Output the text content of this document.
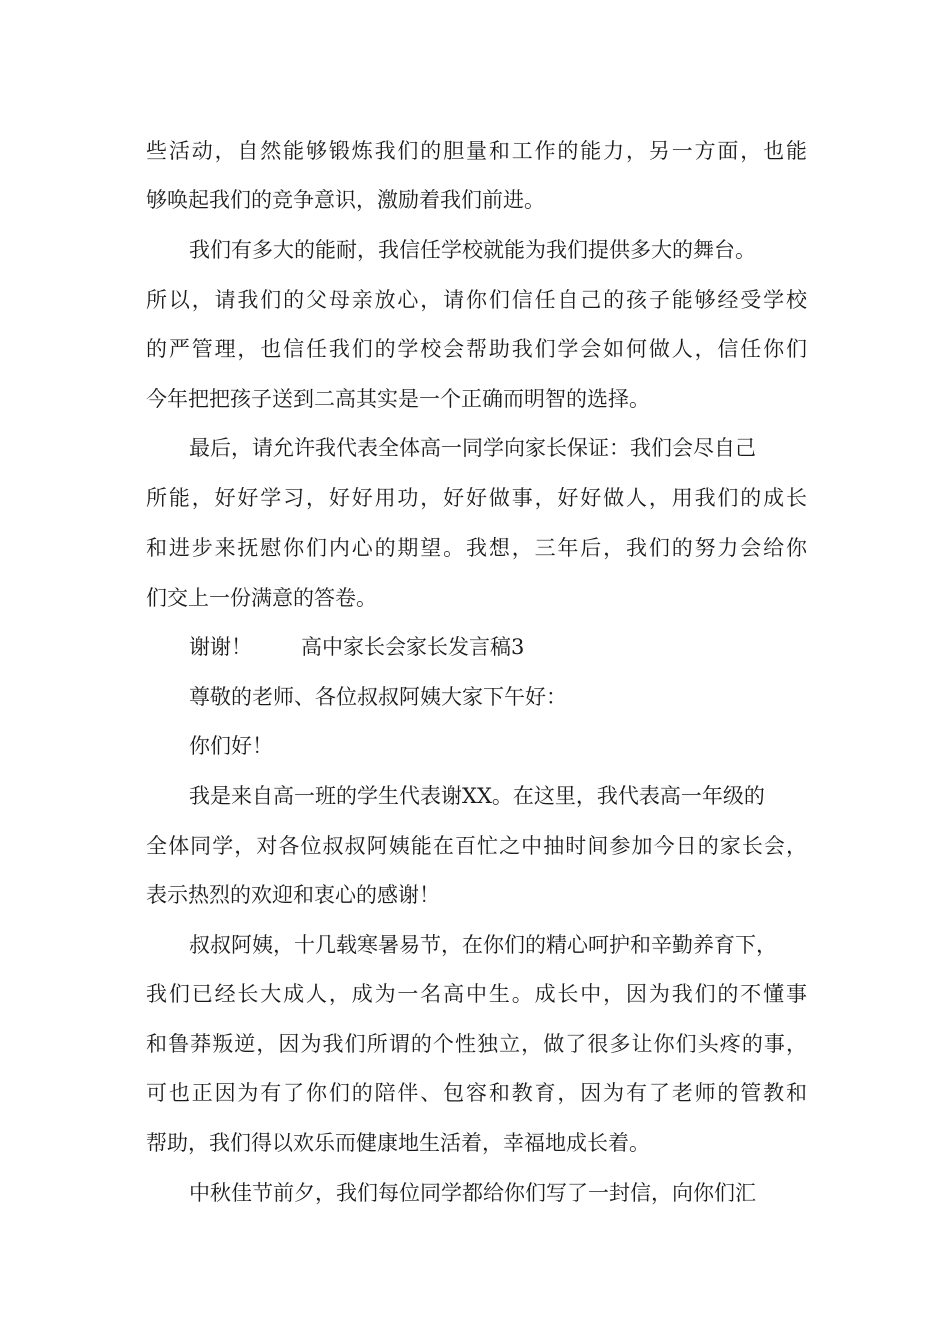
些活动，自然能够锻炼我们的胆量和工作的能力，另一方面，也能
够唤起我们的竞争意识，激励着我们前进。
我们有多大的能耐，我信任学校就能为我们提供多大的舞台。
所以，请我们的父母亲放心，请你们信任自己的孩子能够经受学校
的严管理，也信任我们的学校会帮助我们学会如何做人，信任你们
今年把把孩子送到二高其实是一个正确而明智的选择。
最后，请允许我代表全体高一同学向家长保证：我们会尽自己
所能，好好学习，好好用功，好好做事，好好做人，用我们的成长
和进步来抚慰你们内心的期望。我想，三年后，我们的努力会给你
们交上一份满意的答卷。
谢谢！ 高中家长会家长发言稿3
尊敬的老师、各位叔叔阿姨大家下午好：
你们好！
我是来自高一班的学生代表谢XX。在这里，我代表高一年级的
全体同学，对各位叔叔阿姨能在百忙之中抽时间参加今日的家长会，
表示热烈的欢迎和衷心的感谢！
叔叔阿姨，十几载寒暑易节，在你们的精心呵护和辛勤养育下，
我们已经长大成人，成为一名高中生。成长中，因为我们的不懂事
和鲁莽叛逆，因为我们所谓的个性独立，做了很多让你们头疼的事，
可也正因为有了你们的陪伴、包容和教育，因为有了老师的管教和
帮助，我们得以欢乐而健康地生活着，幸福地成长着。
中秋佳节前夕，我们每位同学都给你们写了一封信，向你们汇
